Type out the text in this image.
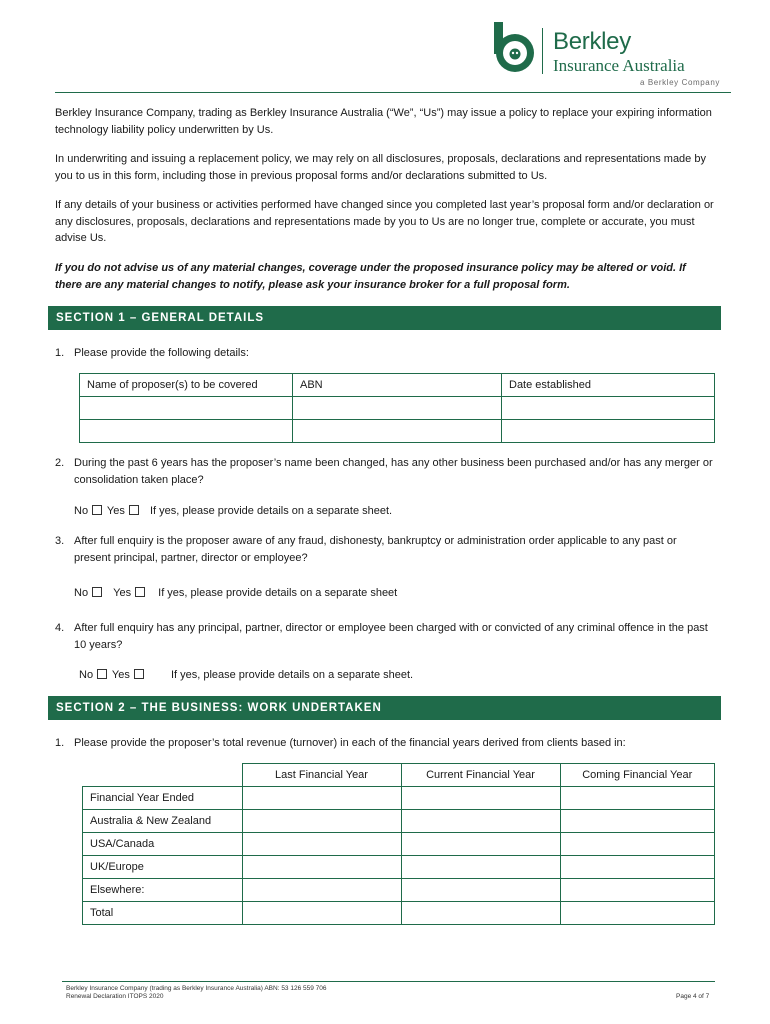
Berkley
Insurance Australia
a Berkley Company
Berkley Insurance Company, trading as Berkley Insurance Australia (“We”, “Us”) may issue a policy to replace your expiring information technology liability policy underwritten by Us.
In underwriting and issuing a replacement policy, we may rely on all disclosures, proposals, declarations and representations made by you to us in this form, including those in previous proposal forms and/or declarations submitted to Us.
If any details of your business or activities performed have changed since you completed last year’s proposal form and/or declaration or any disclosures, proposals, declarations and representations made by you to Us are no longer true, complete or accurate, you must advise Us.
If you do not advise us of any material changes, coverage under the proposed insurance policy may be altered or void. If there are any material changes to notify, please ask your insurance broker for a full proposal form.
SECTION 1 – GENERAL DETAILS
1. Please provide the following details:
Name of proposer(s) to be covered	ABN	Date established

2. During the past 6 years has the proposer’s name been changed, has any other business been purchased and/or has any merger or consolidation taken place?
No Yes If yes, please provide details on a separate sheet.
3. After full enquiry is the proposer aware of any fraud, dishonesty, bankruptcy or administration order applicable to any past or present principal, partner, director or employee?
No Yes If yes, please provide details on a separate sheet
4. After full enquiry has any principal, partner, director or employee been charged with or convicted of any criminal offence in the past 10 years?
No Yes	If yes, please provide details on a separate sheet.
SECTION 2 – THE BUSINESS: WORK UNDERTAKEN
1. Please provide the proposer’s total revenue (turnover) in each of the financial years derived from clients based in:
	Last Financial Year	Current Financial Year	Coming Financial Year
Financial Year Ended			
Australia & New Zealand			
USA/Canada			
UK/Europe			
Elsewhere:			
Total			
Berkley Insurance Company (trading as Berkley Insurance Australia) ABN: 53 126 559 706
Renewal Declaration ITOPS 2020	Page 4 of 7
